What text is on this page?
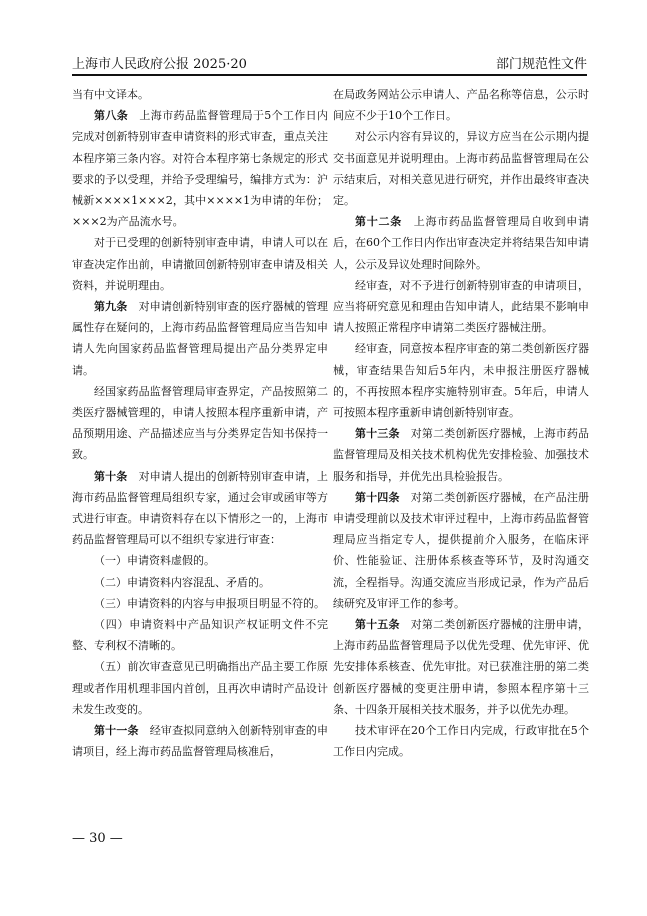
上海市人民政府公报 2025·20	部门规范性文件

当有中文译本。

第八条　 上海市药品监督管理局于5个工作日内完成对创新特别审查申请资料的形式审查，重点关注本程序第三条内容。对符合本程序第七条规定的形式要求的予以受理，并给予受理编号，编排方式为：沪械新××××1×××2，其中××××1为申请的年份；×××2为产品流水号。

对于已受理的创新特别审查申请，申请人可以在审查决定作出前，申请撤回创新特别审查申请及相关资料，并说明理由。

第九条　 对申请创新特别审查的医疗器械的管理属性存在疑问的，上海市药品监督管理局应当告知申请人先向国家药品监督管理局提出产品分类界定申请。

经国家药品监督管理局审查界定，产品按照第二类医疗器械管理的，申请人按照本程序重新申请，产品预期用途、产品描述应当与分类界定告知书保持一致。

第十条　 对申请人提出的创新特别审查申请，上海市药品监督管理局组织专家，通过会审或函审等方式进行审查。申请资料存在以下情形之一的，上海市药品监督管理局可以不组织专家进行审查：

（一）申请资料虚假的。

（二）申请资料内容混乱、矛盾的。

（三）申请资料的内容与申报项目明显不符的。

（四）申请资料中产品知识产权证明文件不完整、专利权不清晰的。

（五）前次审查意见已明确指出产品主要工作原理或者作用机理非国内首创，且再次申请时产品设计未发生改变的。

第十一条　 经审查拟同意纳入创新特别审查的申请项目，经上海市药品监督管理局核准后，

在局政务网站公示申请人、产品名称等信息，公示时间应不少于10个工作日。

对公示内容有异议的，异议方应当在公示期内提交书面意见并说明理由。上海市药品监督管理局在公示结束后，对相关意见进行研究，并作出最终审查决定。

第十二条　 上海市药品监督管理局自收到申请后，在60个工作日内作出审查决定并将结果告知申请人，公示及异议处理时间除外。

经审查，对不予进行创新特别审查的申请项目，应当将研究意见和理由告知申请人，此结果不影响申请人按照正常程序申请第二类医疗器械注册。

经审查，同意按本程序审查的第二类创新医疗器械，审查结果告知后5年内，未申报注册医疗器械的，不再按照本程序实施特别审查。5年后，申请人可按照本程序重新申请创新特别审查。

第十三条　 对第二类创新医疗器械，上海市药品监督管理局及相关技术机构优先安排检验、加强技术服务和指导，并优先出具检验报告。

第十四条　 对第二类创新医疗器械，在产品注册申请受理前以及技术审评过程中，上海市药品监督管理局应当指定专人，提供提前介入服务，在临床评价、性能验证、注册体系核查等环节，及时沟通交流，全程指导。沟通交流应当形成记录，作为产品后续研究及审评工作的参考。

第十五条　 对第二类创新医疗器械的注册申请，上海市药品监督管理局予以优先受理、优先审评、优先安排体系核查、优先审批。对已获准注册的第二类创新医疗器械的变更注册申请，参照本程序第十三条、十四条开展相关技术服务，并予以优先办理。

技术审评在20个工作日内完成，行政审批在5个工作日内完成。

— 30 —
